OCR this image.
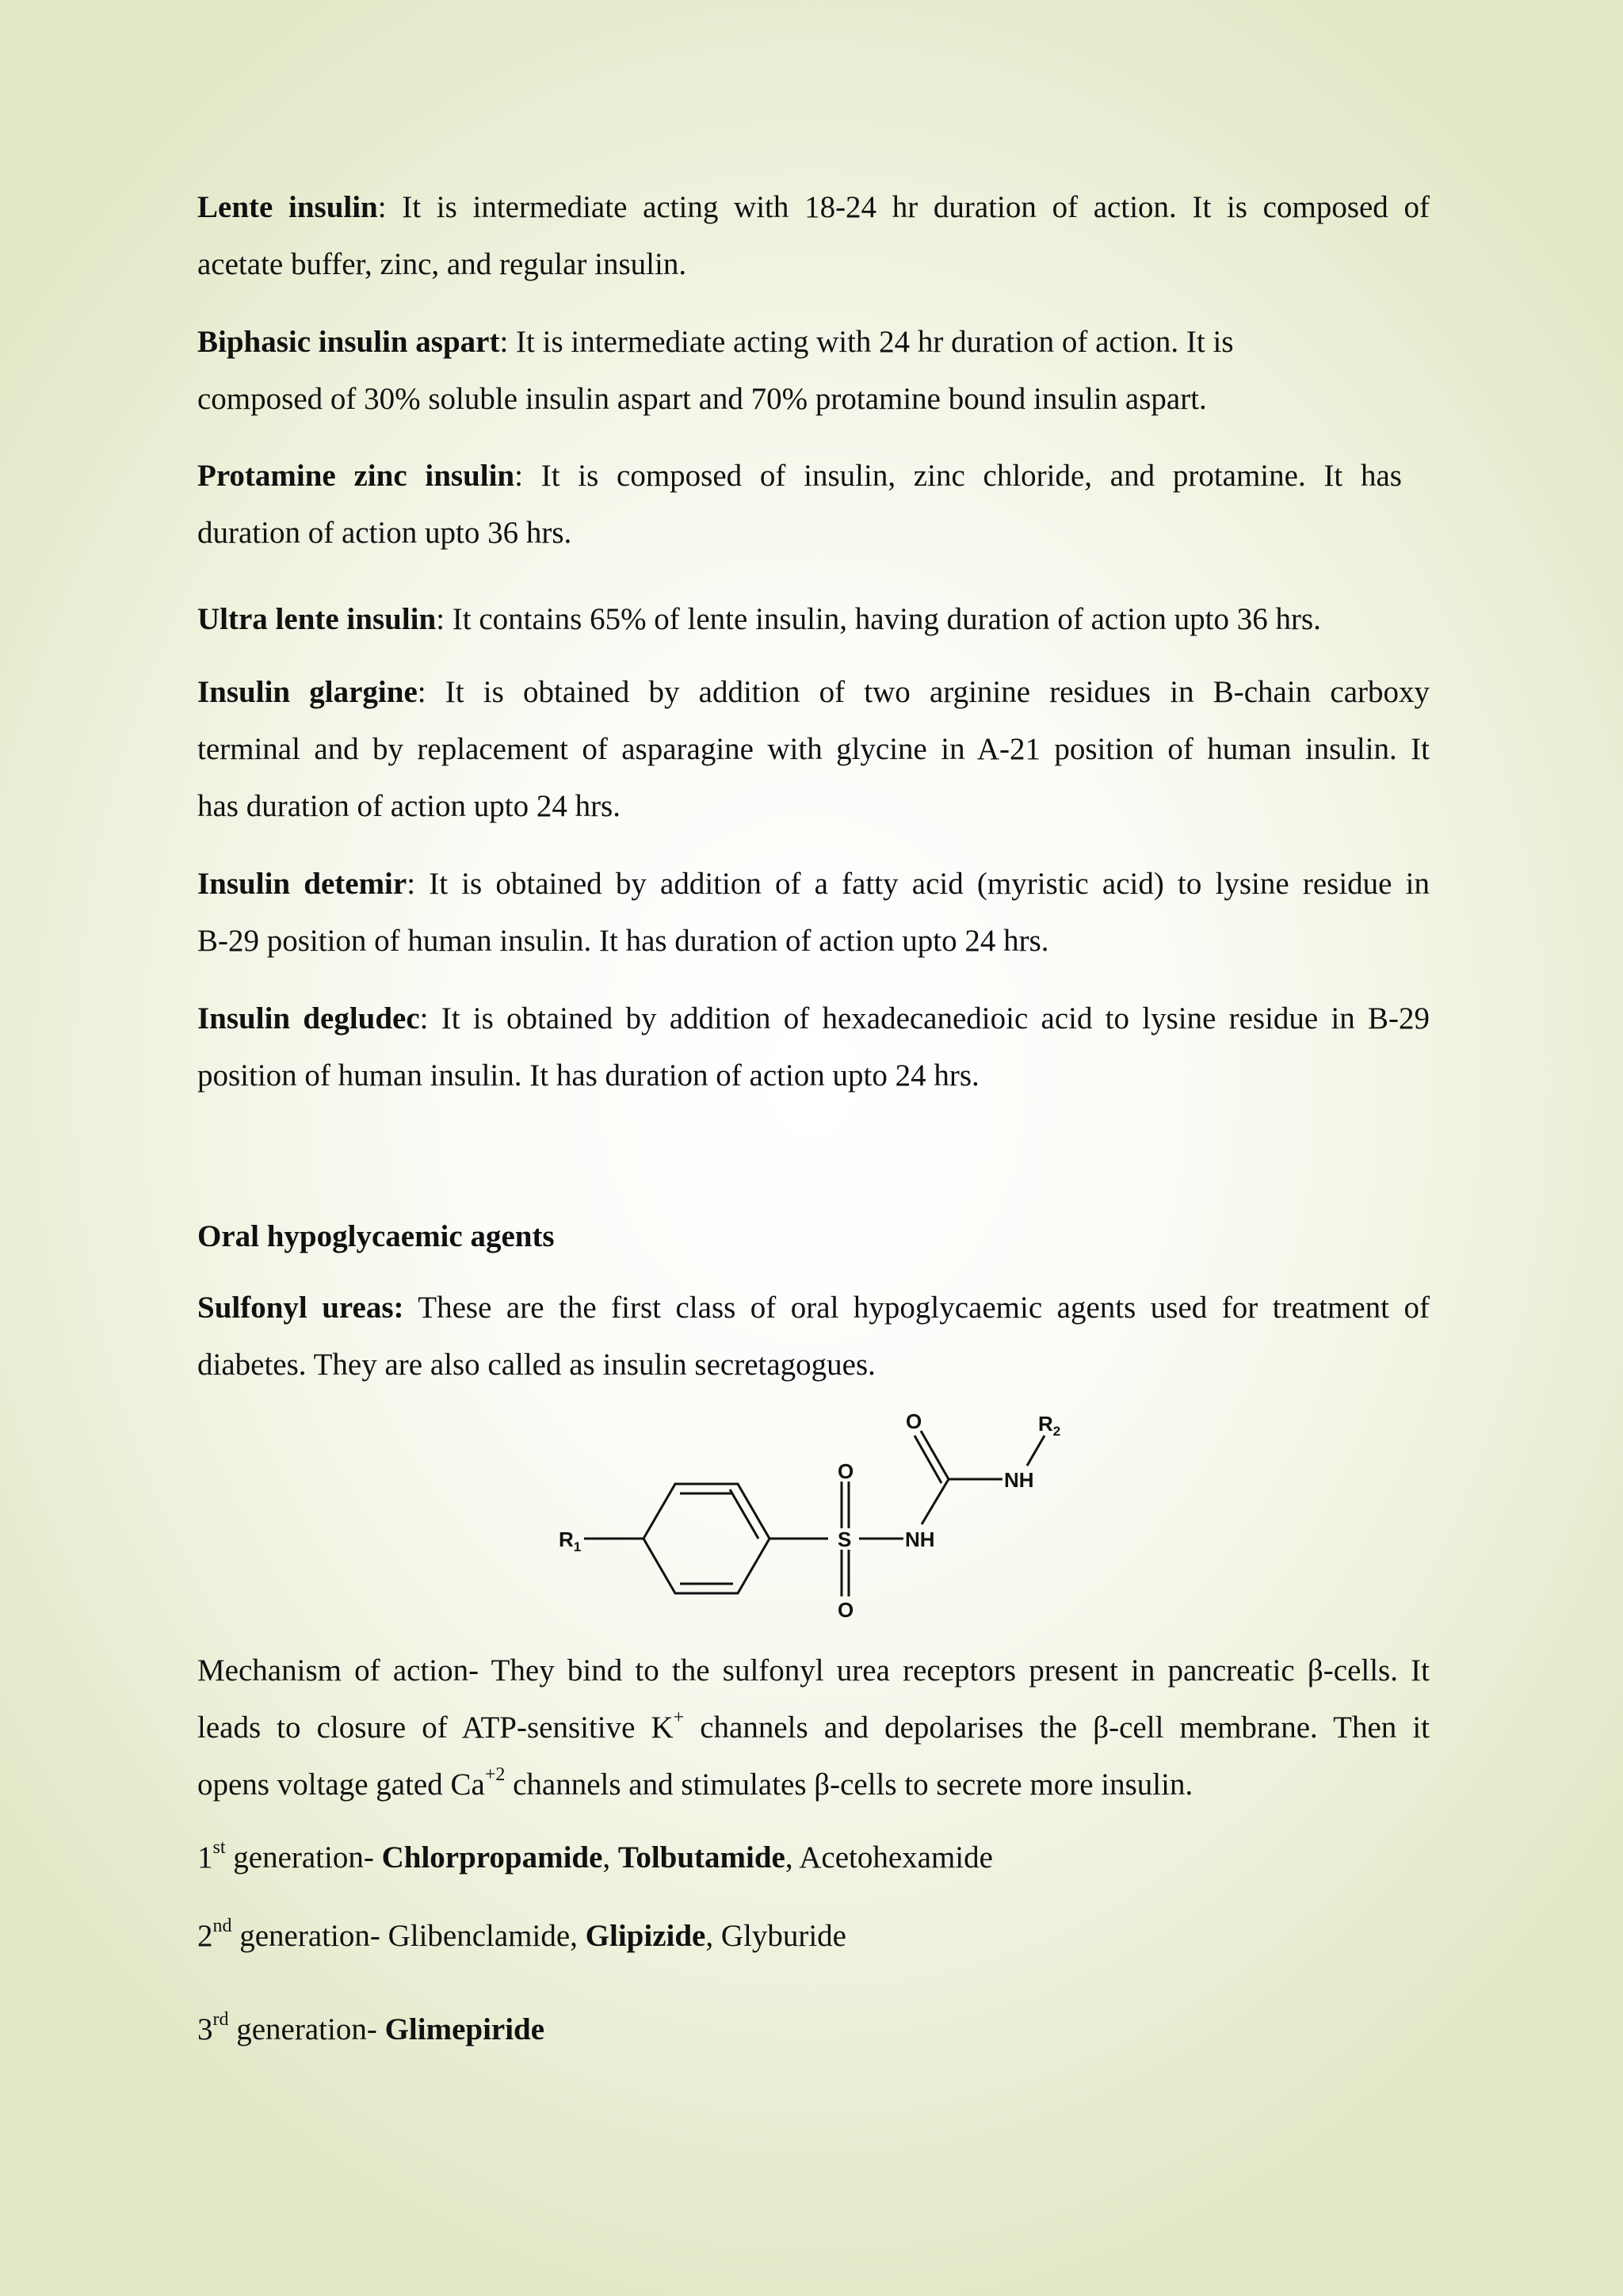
Lente insulin: It is intermediate acting with 18-24 hr duration of action. It is composed of
acetate buffer, zinc, and regular insulin.
Biphasic insulin aspart: It is intermediate acting with 24 hr duration of action. It is
composed of 30% soluble insulin aspart and 70% protamine bound insulin aspart.
Protamine zinc insulin: It is composed of insulin, zinc chloride, and protamine. It has
duration of action upto 36 hrs.
Ultra lente insulin: It contains 65% of lente insulin, having duration of action upto 36 hrs.
Insulin glargine: It is obtained by addition of two arginine residues in B-chain carboxy
terminal and by replacement of asparagine with glycine in A-21 position of human insulin. It
has duration of action upto 24 hrs.
Insulin detemir: It is obtained by addition of a fatty acid (myristic acid) to lysine residue in
B-29 position of human insulin. It has duration of action upto 24 hrs.
Insulin degludec: It is obtained by addition of hexadecanedioic acid to lysine residue in B-29
position of human insulin. It has duration of action upto 24 hrs.
Oral hypoglycaemic agents
Sulfonyl ureas: These are the first class of oral hypoglycaemic agents used for treatment of
diabetes. They are also called as insulin secretagogues.
Mechanism of action- They bind to the sulfonyl urea receptors present in pancreatic β-cells. It
leads to closure of ATP-sensitive K+ channels and depolarises the β-cell membrane. Then it
opens voltage gated $Ca^{+2}$ channels and stimulates β-cells to secrete more insulin.
1st generation- Chlorpropamide, Tolbutamide, Acetohexamide
2nd generation- Glibenclamide, Glipizide, Glyburide
3rd generation- Glimepiride
$R_1$	S
O
O
NH
O
NH
$R_2$
